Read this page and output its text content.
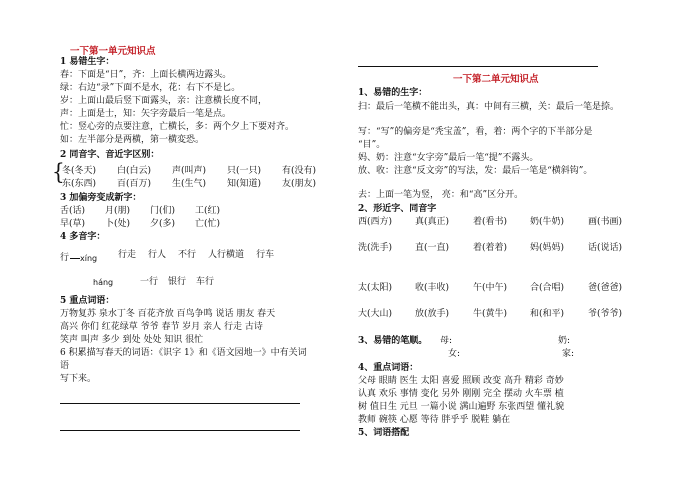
一下第一单元知识点
1 易错生字：
春：下面是“日”，齐：上面长横两边露头。
绿：右边“录”下面不是水，花：右下不是匕。
岁：上面山最后竖下面露头，亲：注意横长度不同，
声：上面是士，知：矢字旁最后一笔是点。
忙：竖心旁的点要注意，亡横长，多：两个夕上下要对齐。
如：左半部分是两横，第一横変恐。
2 同音字、音近字区别：
{
冬(冬天)	白(白云)	声(叫声)	只(一只)	有(没有)
东(东西)	百(百万)	生(生气)	知(知道)	友(朋友)
3 加偏旁变成新字：
舌(话)	月(朋)	门(们)	工(红)
早(草)	卜(处)	夕(多)	亡(忙)
4 多音字：
行 xíng 行走 行人 不行 人行横道 行车
háng	一行 银行 车行
5 重点词语：
万物复苏 泉水丁冬 百花齐放 百鸟争鸣 说话 朋友 春天
高兴 你们 红花绿草 爷爷 春节 岁月 亲人 行走 古诗
笑声 叫声 多少 到处 处处 知识 很忙
6 积累描写春天的词语：《识字 1》和《语文园地一》中有关词
语
写下来。
一下第二单元知识点
1、易错的生字：
扫：最后一笔横不能出头，真：中间有三横，关：最后一笔是捺。
写：“写”的偏旁是“秃宝盖”，看，着：两个字的下半部分是
“目”。
妈、奶：注意“女字旁”最后一笔“提”不露头。
放、收：注意“反文旁”的写法，发：最后一笔是“横斜钩”。
去：上面一笔为竖， 亮：和“高”区分开。
2、形近字、同音字
西(西方)	真(真正)	着(看书)	奶(牛奶)	画(书画)
洗(洗手)	直(一直)	着(着着)	妈(妈妈)	话(说话)
太(太阳)	收(丰收)	午(中午)	合(合唱)	爸(爸爸)
大(大山)	放(放手)	牛(黄牛)	和(和平)	爷(爷爷)
3、易错的笔顺。 母:	奶:
女:	家:
4、重点词语：
父母 眼睛 医生 太阳 喜爱 照顾 改变 高升 精彩 奇妙
认真 欢乐 事情 变化 另外 刚刚 完全 摆动 火车票 植
树 值日生 元旦 一篇小说 满山遍野 东张西望 懂礼貌
教师 碗筷 心愿 等待 胖乎乎 脱鞋 躺在
5、词语搭配
